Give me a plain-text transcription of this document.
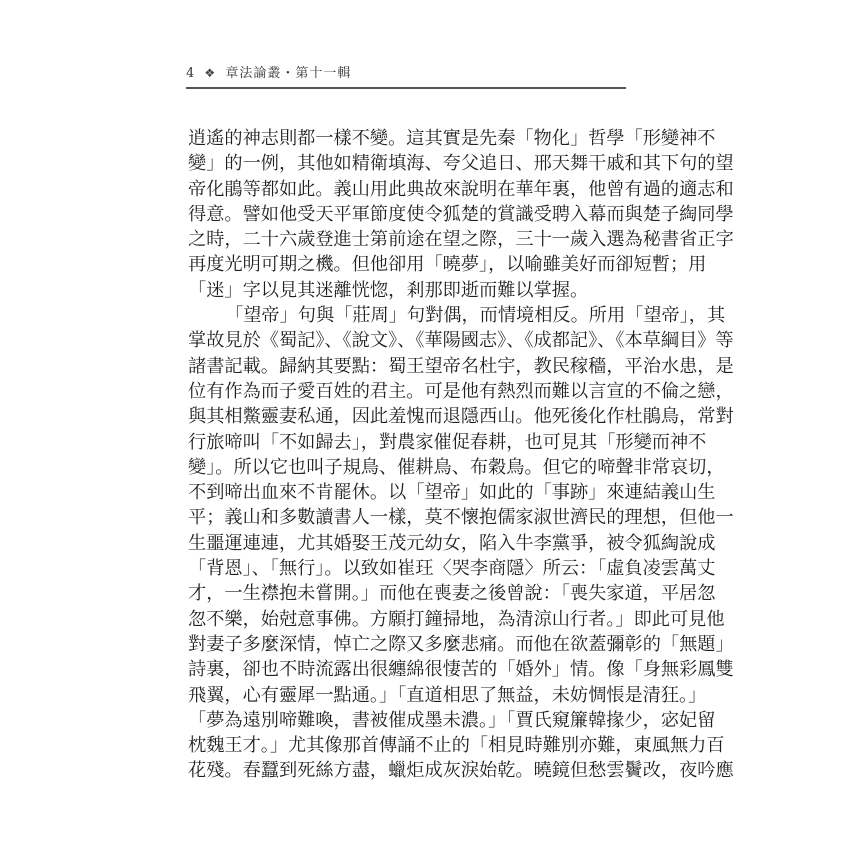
4 ❖ 章法論叢・第十一輯
逍遙的神志則都一樣不變。這其實是先秦「物化」哲學「形變神不
變」的一例，其他如精衛填海、夸父追日、邢天舞干戚和其下句的望
帝化鵑等都如此。義山用此典故來說明在華年裏，他曾有過的適志和
得意。譬如他受天平軍節度使令狐楚的賞識受聘入幕而與楚子綯同學
之時，二十六歲登進士第前途在望之際，三十一歲入選為秘書省正字
再度光明可期之機。但他卻用「曉夢」，以喻雖美好而卻短暫；用
「迷」字以見其迷離恍惚，剎那即逝而難以掌握。
「望帝」句與「莊周」句對偶，而情境相反。所用「望帝」，其
掌故見於《蜀記》、《說文》、《華陽國志》、《成都記》、《本草綱目》等
諸書記載。歸納其要點：蜀王望帝名杜宇，教民稼穡，平治水患，是
位有作為而子愛百姓的君主。可是他有熱烈而難以言宣的不倫之戀，
與其相鱉靈妻私通，因此羞愧而退隱西山。他死後化作杜鵑鳥，常對
行旅啼叫「不如歸去」，對農家催促春耕，也可見其「形變而神不
變」。所以它也叫子規鳥、催耕鳥、布穀鳥。但它的啼聲非常哀切，
不到啼出血來不肯罷休。以「望帝」如此的「事跡」來連結義山生
平；義山和多數讀書人一樣，莫不懷抱儒家淑世濟民的理想，但他一
生噩運連連，尤其婚娶王茂元幼女，陷入牛李黨爭，被令狐綯說成
「背恩」、「無行」。以致如崔玨〈哭李商隱〉所云：「虛負凌雲萬丈
才，一生襟抱未嘗開。」而他在喪妻之後曾說：「喪失家道，平居忽
忽不樂，始尅意事佛。方願打鐘掃地，為清涼山行者。」即此可見他
對妻子多麼深情，悼亡之際又多麼悲痛。而他在欲蓋彌彰的「無題」
詩裏，卻也不時流露出很纏綿很悽苦的「婚外」情。像「身無彩鳳雙
飛翼，心有靈犀一點通。」「直道相思了無益，未妨惆悵是清狂。」
「夢為遠別啼難喚，書被催成墨未濃。」「賈氏窺簾韓掾少，宓妃留
枕魏王才。」尤其像那首傳誦不止的「相見時難別亦難，東風無力百
花殘。春蠶到死絲方盡，蠟炬成灰淚始乾。曉鏡但愁雲鬢改，夜吟應
